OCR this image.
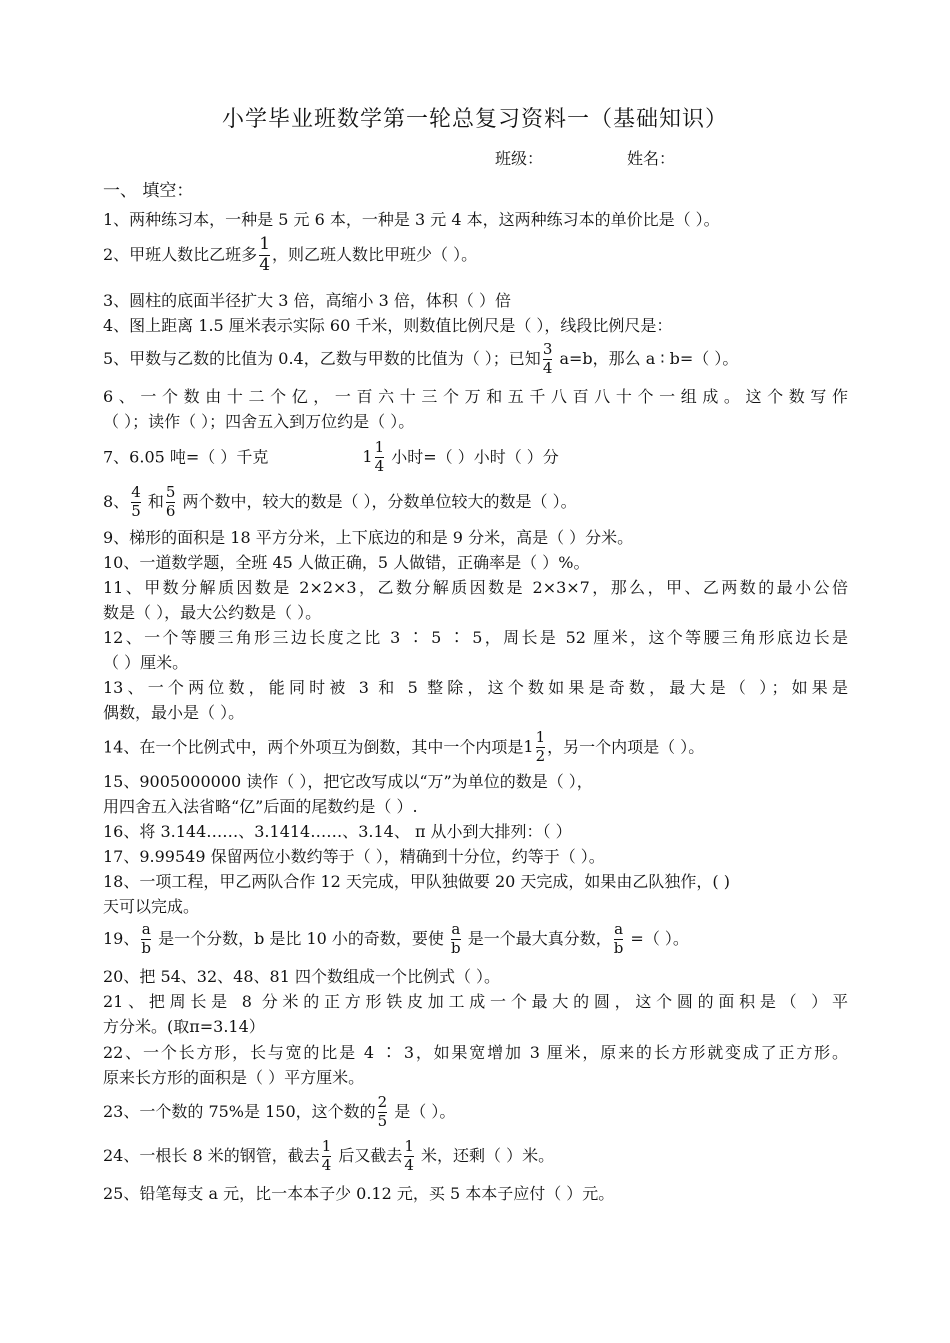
小学毕业班数学第一轮总复习资料一（基础知识）
班级：	姓名：
一、 填空：
1、两种练习本，一种是 5 元 6 本，一种是 3 元 4 本，这两种练习本的单价比是（ ）。
2、甲班人数比乙班多 $\frac{1}{4}$ ，则乙班人数比甲班少（ ）。
3、圆柱的底面半径扩大 3 倍，高缩小 3 倍，体积（ ）倍
4、图上距离 1.5 厘米表示实际 60 千米，则数值比例尺是（ ），线段比例尺是：
5、甲数与乙数的比值为 0.4，乙数与甲数的比值为（ ）；已知 $\frac{3}{4} a=b$，那么 a ∶ b=（ ）。
6、一个数由十二个亿，一百六十三个万和五千八百八十个一组成。这个数写作
（ ）；读作（ ）；四舍五入到万位约是（ ）。
7、6.05 吨=（ ）千克	$1 \frac{1}{4}$ 小时=（ ）小时（ ）分
8、 $\frac{4}{5}$ 和 $\frac{5}{6}$ 两个数中，较大的数是（ ），分数单位较大的数是（ ）。
9、梯形的面积是 18 平方分米，上下底边的和是 9 分米，高是（ ）分米。
10、一道数学题，全班 45 人做正确，5 人做错，正确率是（ ）%。
11、甲数分解质因数是 2×2×3，乙数分解质因数是 2×3×7，那么，甲、乙两数的最小公倍
数是（ ），最大公约数是（ ）。
12、一个等腰三角形三边长度之比 3 ∶ 5 ∶ 5，周长是 52 厘米，这个等腰三角形底边长是
（ ）厘米。
13、一个两位数，能同时被 3 和 5 整除，这个数如果是奇数，最大是（ ）；如果是
偶数，最小是（ ）。
14、在一个比例式中，两个外项互为倒数，其中一个内项是 $1 \frac{1}{2}$ ，另一个内项是（ ）。
15、9005000000 读作（ ），把它改写成以“万”为单位的数是（ ），
用四舍五入法省略“亿”后面的尾数约是（ ）.
16、将 3.144……、3.1414……、3.14、 π 从小到大排列：（ ）
17、9.99549 保留两位小数约等于（ ），精确到十分位，约等于（ ）。
18、一项工程，甲乙两队合作 12 天完成，甲队独做要 20 天完成，如果由乙队独作，( )
天可以完成。
19、 $\frac{a}{b}$ 是一个分数，b 是比 10 小的奇数，要使 $\frac{a}{b}$ 是一个最大真分数， $\frac{a}{b}$ =（ ）。
20、把 54、32、48、81 四个数组成一个比例式（ ）。
21、把周长是 8 分米的正方形铁皮加工成一个最大的圆，这个圆的面积是（ ）平
方分米。(取π=3.14）
22、一个长方形，长与宽的比是 4 ∶ 3，如果宽增加 3 厘米，原来的长方形就变成了正方形。
原来长方形的面积是（ ）平方厘米。
23、一个数的 75%是 150，这个数的 $\frac{2}{5}$ 是（ ）。
24、一根长 8 米的钢管，截去 $\frac{1}{4}$ 后又截去 $\frac{1}{4}$ 米，还剩（ ）米。
25、铅笔每支 a 元，比一本本子少 0.12 元，买 5 本本子应付（ ）元。
